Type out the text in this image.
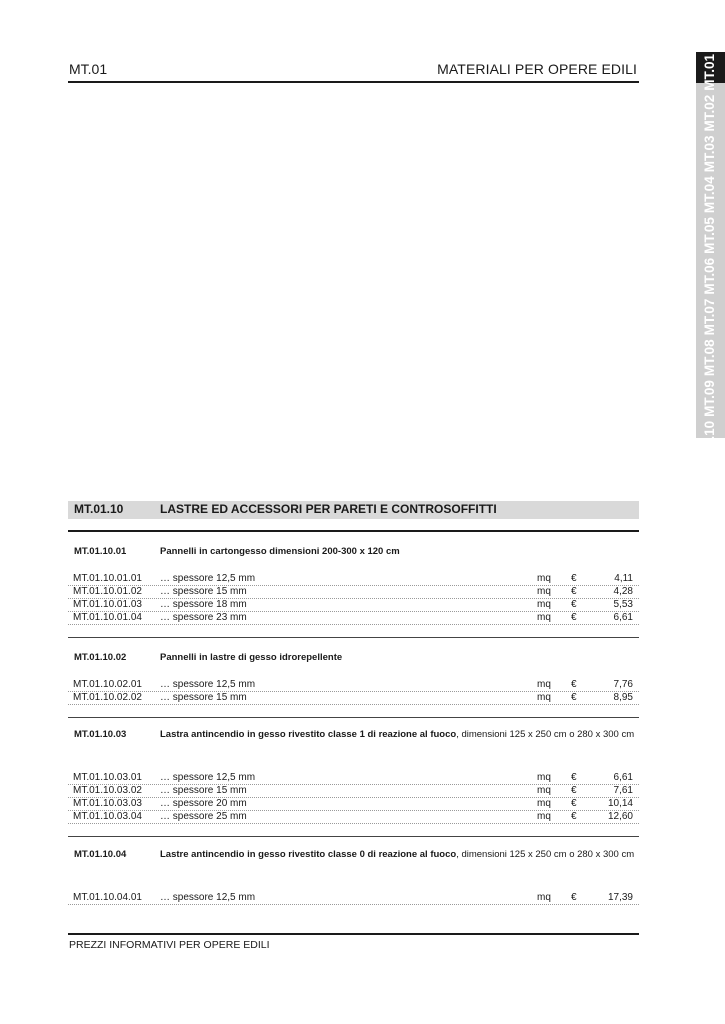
MT.01	MATERIALI PER OPERE EDILI
MT.79
MT.77
MT.10
MT.09
MT.08
MT.07
MT.06
MT.05
MT.04
MT.03
MT.02
MT.01
MT.01.10	LASTRE ED ACCESSORI PER PARETI E CONTROSOFFITTI
MT.01.10.01	Pannelli in cartongesso dimensioni 200-300 x 120 cm
MT.01.10.01.01 … spessore 12,5 mm	mq €	4,11
MT.01.10.01.02 … spessore 15 mm	mq €	4,28
MT.01.10.01.03 … spessore 18 mm	mq €	5,53
MT.01.10.01.04 … spessore 23 mm	mq €	6,61
MT.01.10.02	Pannelli in lastre di gesso idrorepellente
MT.01.10.02.01 … spessore 12,5 mm	mq €	7,76
MT.01.10.02.02 … spessore 15 mm	mq €	8,95
MT.01.10.03	Lastra antincendio in gesso rivestito classe 1 di reazione al fuoco, dimensioni 125 x 250 cm o 280 x 300 cm
MT.01.10.03.01 … spessore 12,5 mm	mq €	6,61
MT.01.10.03.02 … spessore 15 mm	mq €	7,61
MT.01.10.03.03 … spessore 20 mm	mq €	10,14
MT.01.10.03.04 … spessore 25 mm	mq €	12,60
MT.01.10.04	Lastre antincendio in gesso rivestito classe 0 di reazione al fuoco, dimensioni 125 x 250 cm o 280 x 300 cm
MT.01.10.04.01 … spessore 12,5 mm	mq €	17,39
PREZZI INFORMATIVI PER OPERE EDILI
